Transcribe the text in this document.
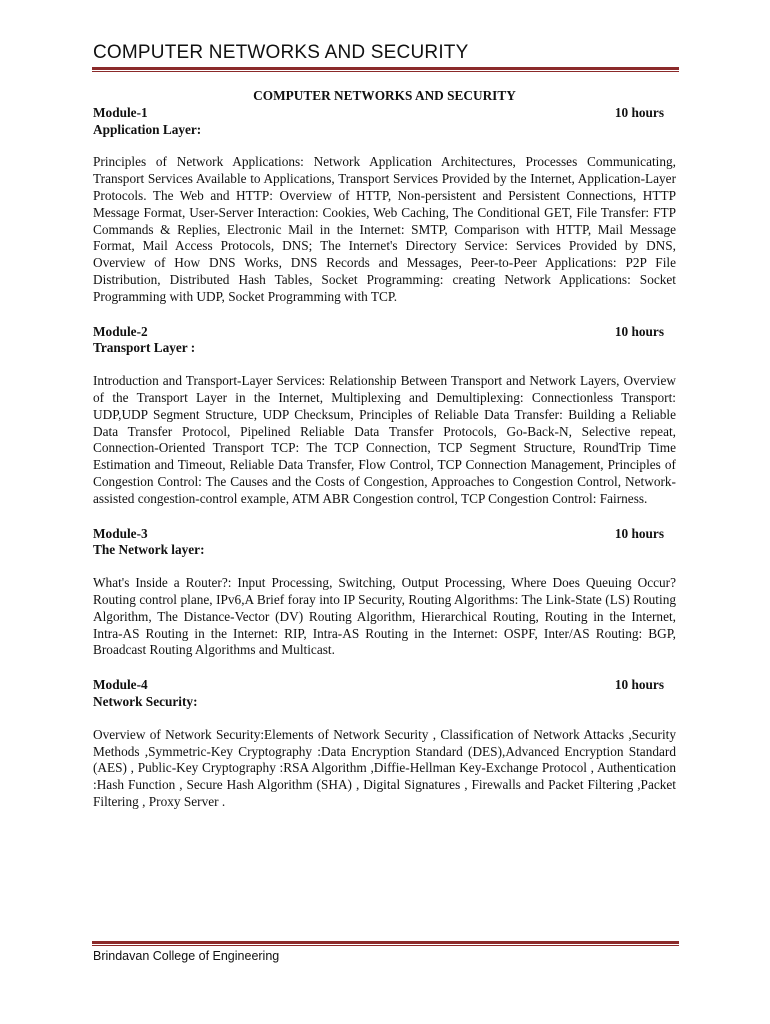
COMPUTER NETWORKS AND SECURITY
COMPUTER NETWORKS AND SECURITY
Module-1	10 hours
Application Layer:
Principles of Network Applications: Network Application Architectures, Processes Communicating, Transport Services Available to Applications, Transport Services Provided by the Internet, Application-Layer Protocols. The Web and HTTP: Overview of HTTP, Non-persistent and Persistent Connections, HTTP Message Format, User-Server Interaction: Cookies, Web Caching, The Conditional GET, File Transfer: FTP Commands & Replies, Electronic Mail in the Internet: SMTP, Comparison with HTTP, Mail Message Format, Mail Access Protocols, DNS; The Internet's Directory Service: Services Provided by DNS, Overview of How DNS Works, DNS Records and Messages, Peer-to-Peer Applications: P2P File Distribution, Distributed Hash Tables, Socket Programming: creating Network Applications: Socket Programming with UDP, Socket Programming with TCP.
Module-2	10 hours
Transport Layer :
Introduction and Transport-Layer Services: Relationship Between Transport and Network Layers, Overview of the Transport Layer in the Internet, Multiplexing and Demultiplexing: Connectionless Transport: UDP,UDP Segment Structure, UDP Checksum, Principles of Reliable Data Transfer: Building a Reliable Data Transfer Protocol, Pipelined Reliable Data Transfer Protocols, Go-Back-N, Selective repeat, Connection-Oriented Transport TCP: The TCP Connection, TCP Segment Structure, RoundTrip Time Estimation and Timeout, Reliable Data Transfer, Flow Control, TCP Connection Management, Principles of Congestion Control: The Causes and the Costs of Congestion, Approaches to Congestion Control, Network-assisted congestion-control example, ATM ABR Congestion control, TCP Congestion Control: Fairness.
Module-3	10 hours
The Network layer:
What's Inside a Router?: Input Processing, Switching, Output Processing, Where Does Queuing Occur? Routing control plane, IPv6,A Brief foray into IP Security, Routing Algorithms: The Link-State (LS) Routing Algorithm, The Distance-Vector (DV) Routing Algorithm, Hierarchical Routing, Routing in the Internet, Intra-AS Routing in the Internet: RIP, Intra-AS Routing in the Internet: OSPF, Inter/AS Routing: BGP, Broadcast Routing Algorithms and Multicast.
Module-4	10 hours
Network Security:
Overview of Network Security:Elements of Network Security , Classification of Network Attacks ,Security Methods ,Symmetric-Key Cryptography :Data Encryption Standard (DES),Advanced Encryption Standard (AES) , Public-Key Cryptography :RSA Algorithm ,Diffie-Hellman Key-Exchange Protocol , Authentication :Hash Function , Secure Hash Algorithm (SHA) , Digital Signatures , Firewalls and Packet Filtering ,Packet Filtering , Proxy Server .
Brindavan College of Engineering
